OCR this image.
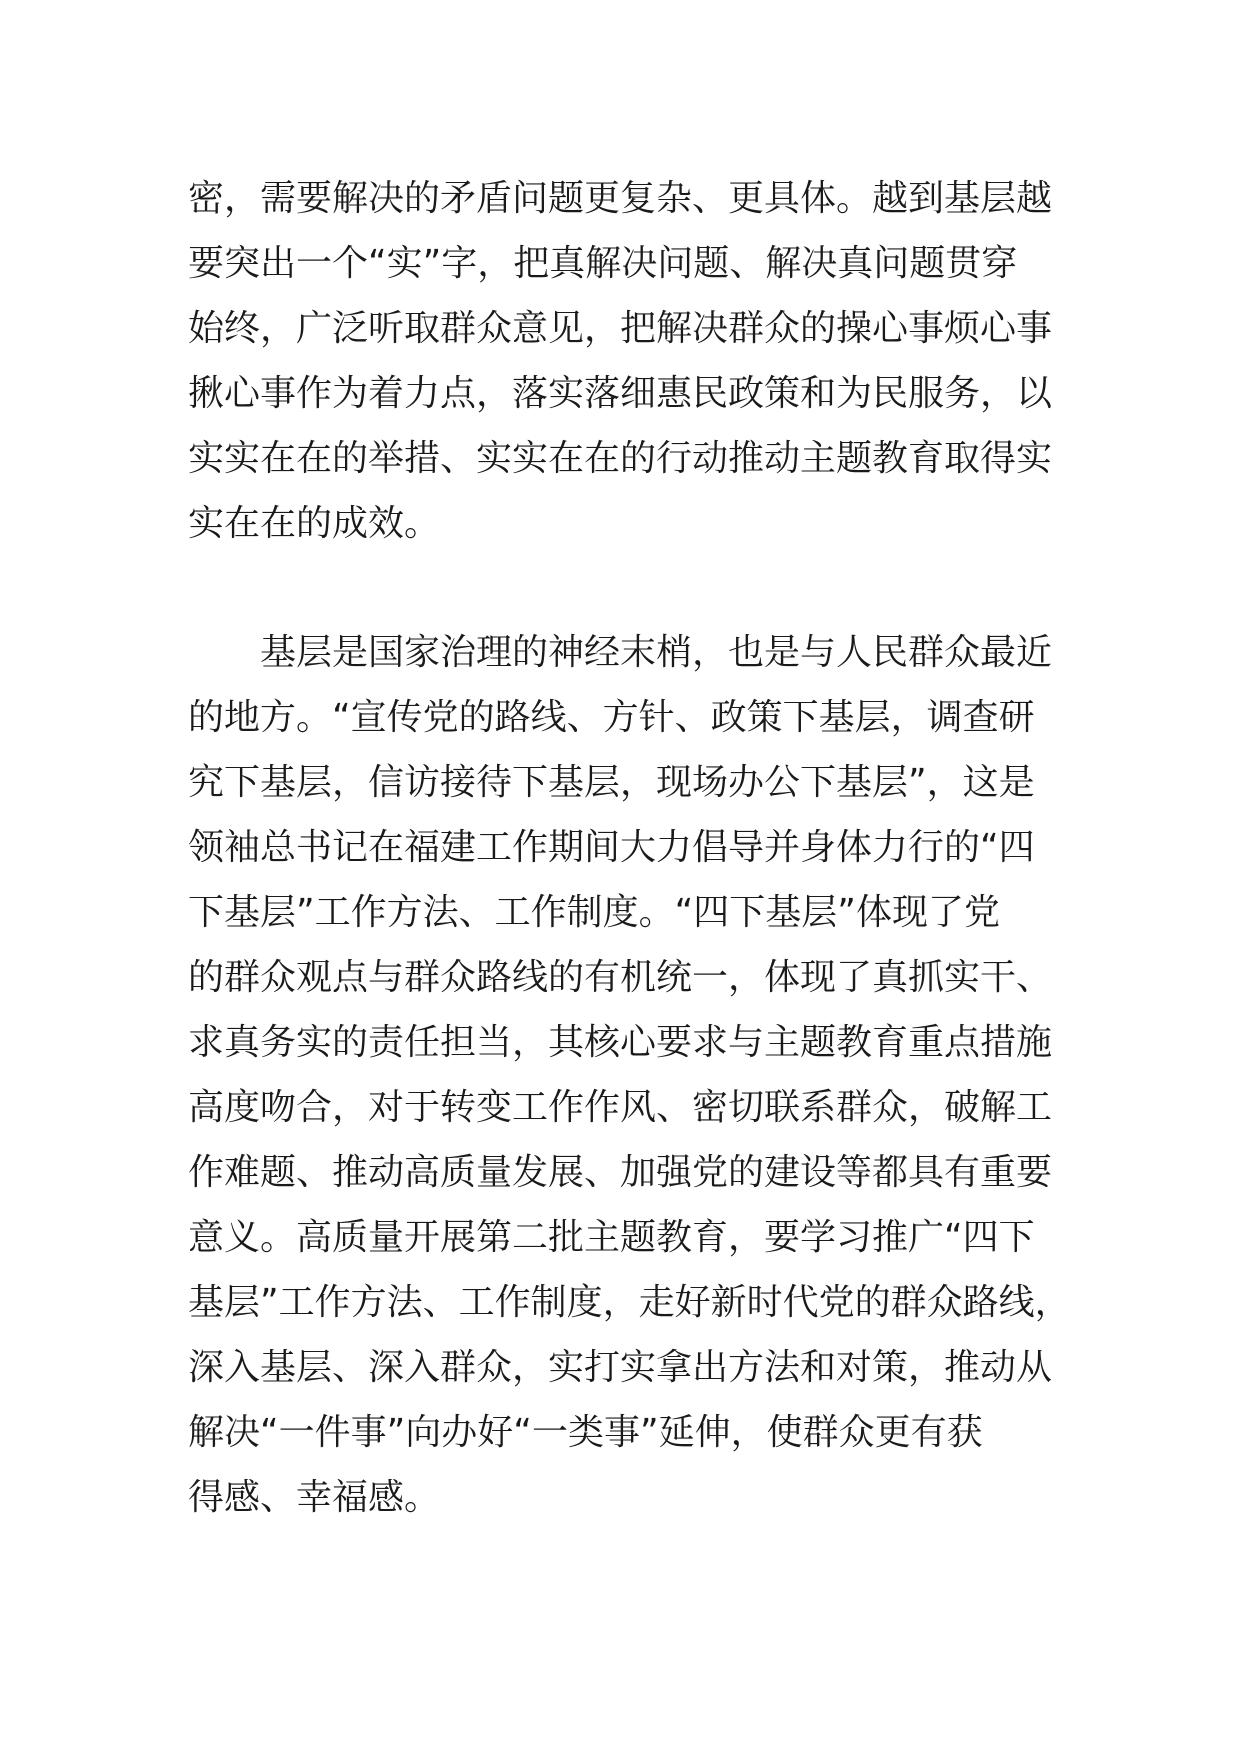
密，需要解决的矛盾问题更复杂、更具体。越到基层越
要突出一个“实”字，把真解决问题、解决真问题贯穿
始终，广泛听取群众意见，把解决群众的操心事烦心事
揪心事作为着力点，落实落细惠民政策和为民服务，以
实实在在的举措、实实在在的行动推动主题教育取得实
实在在的成效。
　　基层是国家治理的神经末梢，也是与人民群众最近
的地方。“宣传党的路线、方针、政策下基层，调查研
究下基层，信访接待下基层，现场办公下基层”，这是
领袖总书记在福建工作期间大力倡导并身体力行的“四
下基层”工作方法、工作制度。“四下基层”体现了党
的群众观点与群众路线的有机统一，体现了真抓实干、
求真务实的责任担当，其核心要求与主题教育重点措施
高度吻合，对于转变工作作风、密切联系群众，破解工
作难题、推动高质量发展、加强党的建设等都具有重要
意义。高质量开展第二批主题教育，要学习推广“四下
基层”工作方法、工作制度，走好新时代党的群众路线，
深入基层、深入群众，实打实拿出方法和对策，推动从
解决“一件事”向办好“一类事”延伸，使群众更有获
得感、幸福感。
